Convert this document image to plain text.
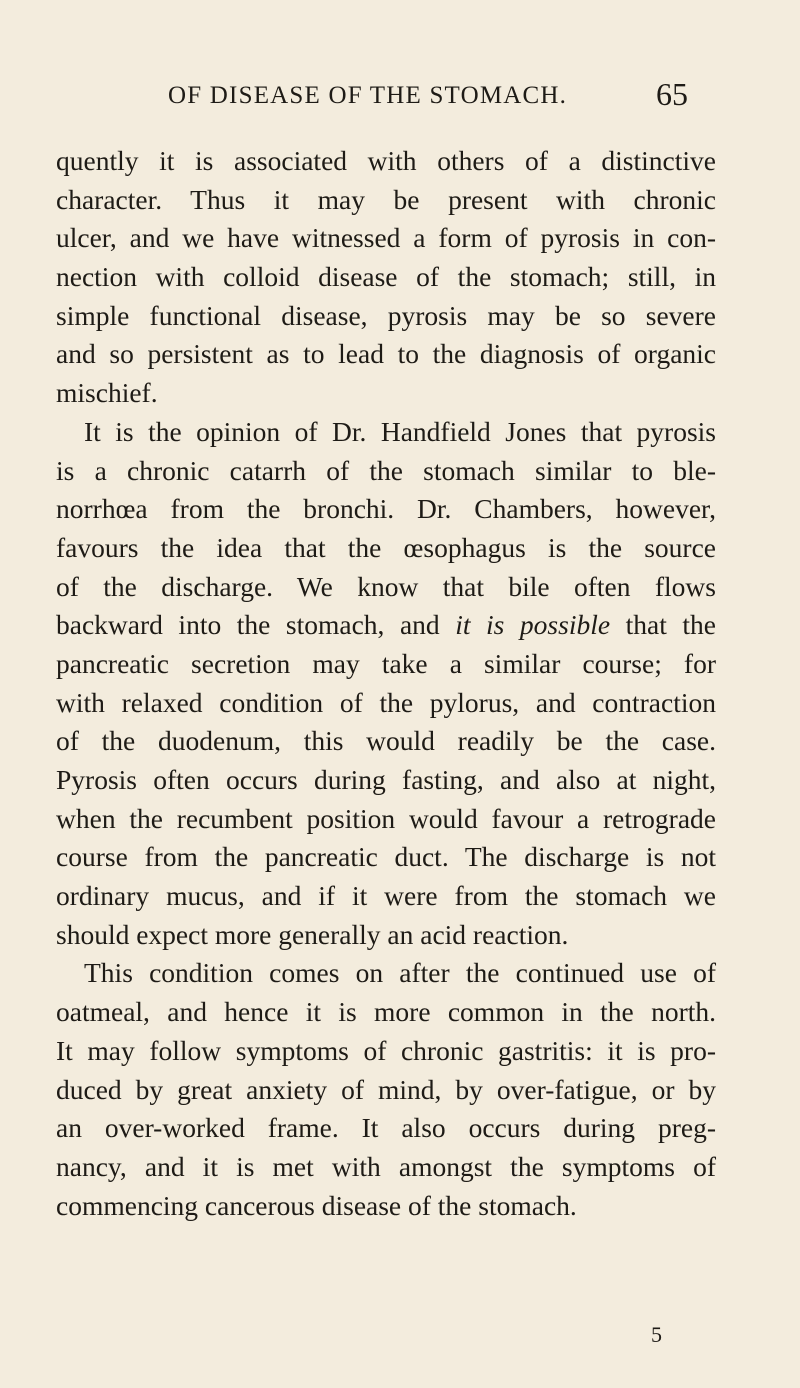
OF DISEASE OF THE STOMACH.	65
quently it is associated with others of a distinctive
character. Thus it may be present with chronic
ulcer, and we have witnessed a form of pyrosis in con-
nection with colloid disease of the stomach; still, in
simple functional disease, pyrosis may be so severe
and so persistent as to lead to the diagnosis of organic
mischief.
It is the opinion of Dr. Handfield Jones that pyrosis
is a chronic catarrh of the stomach similar to ble-
norrhœa from the bronchi. Dr. Chambers, however,
favours the idea that the œsophagus is the source
of the discharge. We know that bile often flows
backward into the stomach, and it is possible that the
pancreatic secretion may take a similar course; for
with relaxed condition of the pylorus, and contraction
of the duodenum, this would readily be the case.
Pyrosis often occurs during fasting, and also at night,
when the recumbent position would favour a retrograde
course from the pancreatic duct. The discharge is not
ordinary mucus, and if it were from the stomach we
should expect more generally an acid reaction.
This condition comes on after the continued use of
oatmeal, and hence it is more common in the north.
It may follow symptoms of chronic gastritis: it is pro-
duced by great anxiety of mind, by over-fatigue, or by
an over-worked frame. It also occurs during preg-
nancy, and it is met with amongst the symptoms of
commencing cancerous disease of the stomach.
5
